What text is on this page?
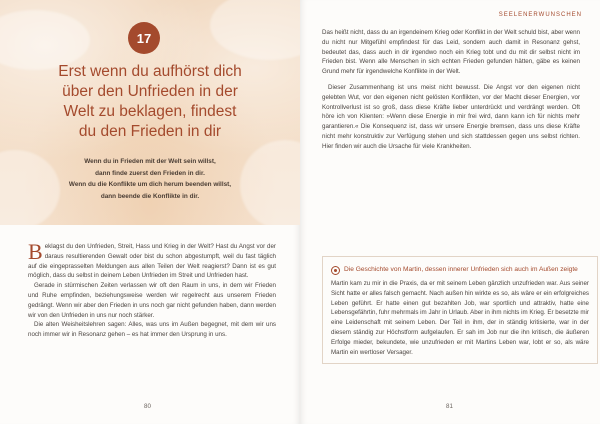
17
Erst wenn du aufhörst dich
über den Unfrieden in der
Welt zu beklagen, findest
du den Frieden in dir
Wenn du in Frieden mit der Welt sein willst,
dann finde zuerst den Frieden in dir.
Wenn du die Konflikte um dich herum beenden willst,
dann beende die Konflikte in dir.

Beklagst du den Unfrieden, Streit, Hass und Krieg in der Welt? Hast du Angst vor der daraus resultierenden Gewalt oder bist du schon abgestumpft, weil du fast täglich auf die eingeprasselten Meldungen aus allen Teilen der Welt reagierst? Dann ist es gut möglich, dass du selbst in deinem Leben Unfrieden im Streit und Unfrieden hast.

Gerade in stürmischen Zeiten verlassen wir oft den Raum in uns, in dem wir Frieden und Ruhe empfinden, beziehungsweise werden wir regelrecht aus unserem Frieden gedrängt. Wenn wir aber den Frieden in uns noch gar nicht gefunden haben, dann werden wir von den Unfrieden in uns nur noch stärker.

Die alten Weisheitslehren sagen: Alles, was uns im Außen begegnet, mit dem wir uns noch immer wir in Resonanz gehen – es hat immer den Ursprung in uns.

80
SEELENERWUNSCHEN

Das heißt nicht, dass du an irgendeinem Krieg oder Konflikt in der Welt schuld bist, aber wenn du nicht nur Mitgefühl empfindest für das Leid, sondern auch damit in Resonanz gehst, bedeutet das, dass auch in dir irgendwo noch ein Krieg tobt und du mit dir selbst nicht im Frieden bist. Wenn alle Menschen in sich echten Frieden gefunden hätten, gäbe es keinen Grund mehr für irgendwelche Konflikte in der Welt.

Dieser Zusammenhang ist uns meist nicht bewusst. Die Angst vor den eigenen nicht gelebten Wut, vor den eigenen nicht gelösten Konflikten, vor der Macht dieser Energien, vor Kontrollverlust ist so groß, dass diese Kräfte lieber unterdrückt und verdrängt werden. Oft höre ich von Klienten: »Wenn diese Energie in mir frei wird, dann kann ich für nichts mehr garantieren.« Die Konsequenz ist, dass wir unsere Energie bremsen, dass uns diese Kräfte nicht mehr konstruktiv zur Verfügung stehen und sich stattdessen gegen uns selbst richten. Hier finden wir auch die Ursache für viele Krankheiten.

Die Geschichte von Martin, dessen innerer Unfrieden sich auch im Außen zeigte
Martin kam zu mir in die Praxis, da er mit seinem Leben gänzlich unzufrieden war. Aus seiner Sicht hatte er alles falsch gemacht. Nach außen hin wirkte es so, als wäre er ein erfolgreiches Leben geführt. Er hatte einen gut bezahlten Job, war sportlich und attraktiv, hatte eine Lebensgefährtin, fuhr mehrmals im Jahr in Urlaub. Aber in ihm nichts im Krieg. Er besetzte mir eine Leidenschaft mit seinem Leben. Der Teil in ihm, der in ständig kritisierte, war in der diesem ständig zur Höchstform aufgelaufen. Er sah im Job nur die ihn kritisch, die äußeren Erfolge mieder, bekundete, wie unzufrieden er mit Martins Leben war, lobt er so, als wäre Martin ein wertloser Versager.
81
